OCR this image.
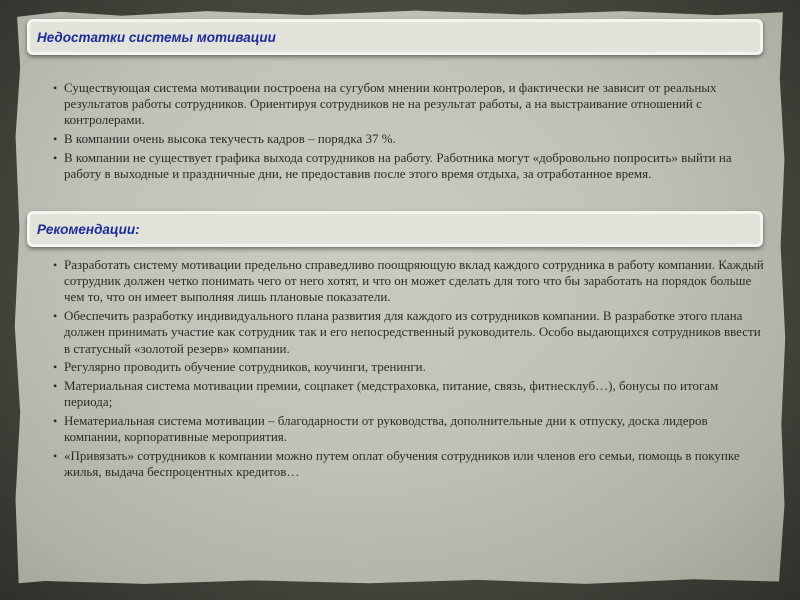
Недостатки системы мотивации
• Существующая система мотивации построена на сугубом мнении контролеров, и фактически не зависит от реальных результатов работы сотрудников. Ориентируя сотрудников не на результат работы, а на выстраивание отношений с контролерами.
• В компании очень высока текучесть кадров – порядка 37 %.
• В компании не существует графика выхода сотрудников на работу. Работника могут «добровольно попросить» выйти на работу в выходные и праздничные дни, не предоставив после этого время отдыха, за отработанное время.
Рекомендации:
• Разработать систему мотивации предельно справедливо поощряющую вклад каждого сотрудника в работу компании. Каждый сотрудник должен четко понимать чего от него хотят, и что он может сделать для того что бы заработать на порядок больше чем то, что он имеет выполняя лишь плановые показатели.
• Обеспечить разработку индивидуального плана развития для каждого из сотрудников компании. В разработке этого плана должен принимать участие как сотрудник так и его непосредственный руководитель. Особо выдающихся сотрудников ввести в статусный «золотой резерв» компании.
• Регулярно проводить обучение сотрудников, коучинги, тренинги.
• Материальная система мотивации премии, соцпакет (медстраховка, питание, связь, фитнесклуб…), бонусы по итогам периода;
• Нематериальная система мотивации – благодарности от руководства, дополнительные дни к отпуску, доска лидеров компании, корпоративные мероприятия.
• «Привязать» сотрудников к компании можно путем оплат обучения сотрудников или членов его семьи, помощь в покупке жилья, выдача беспроцентных кредитов…
